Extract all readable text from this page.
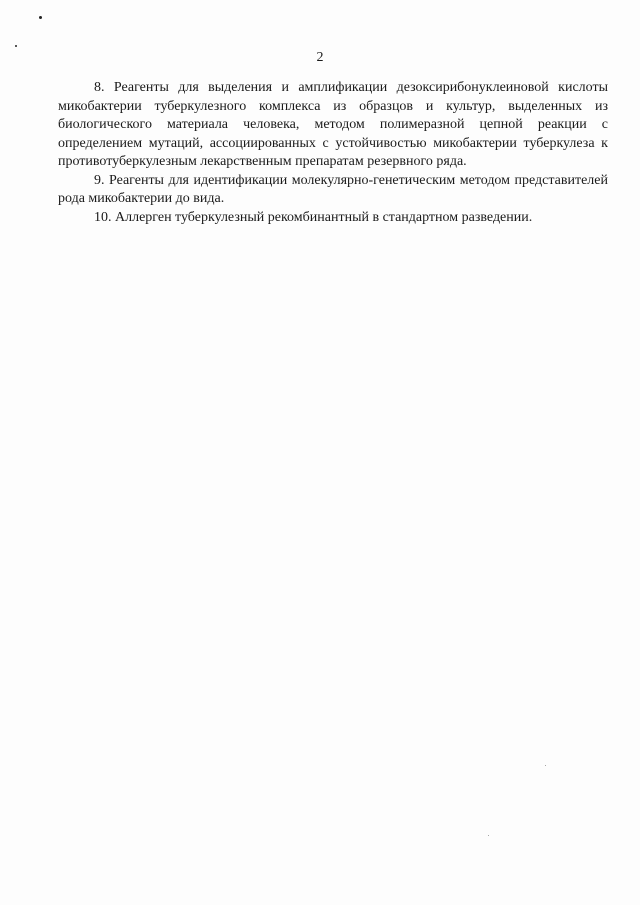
2

8. Реагенты для выделения и амплификации дезоксирибонуклеиновой кислоты микобактерии туберкулезного комплекса из образцов и культур, выделенных из биологического материала человека, методом полимеразной цепной реакции с определением мутаций, ассоциированных с устойчивостью микобактерии туберкулеза к противотуберкулезным лекарственным препаратам резервного ряда.

9. Реагенты для идентификации молекулярно-генетическим методом представителей рода микобактерии до вида.

10. Аллерген туберкулезный рекомбинантный в стандартном разведении.
